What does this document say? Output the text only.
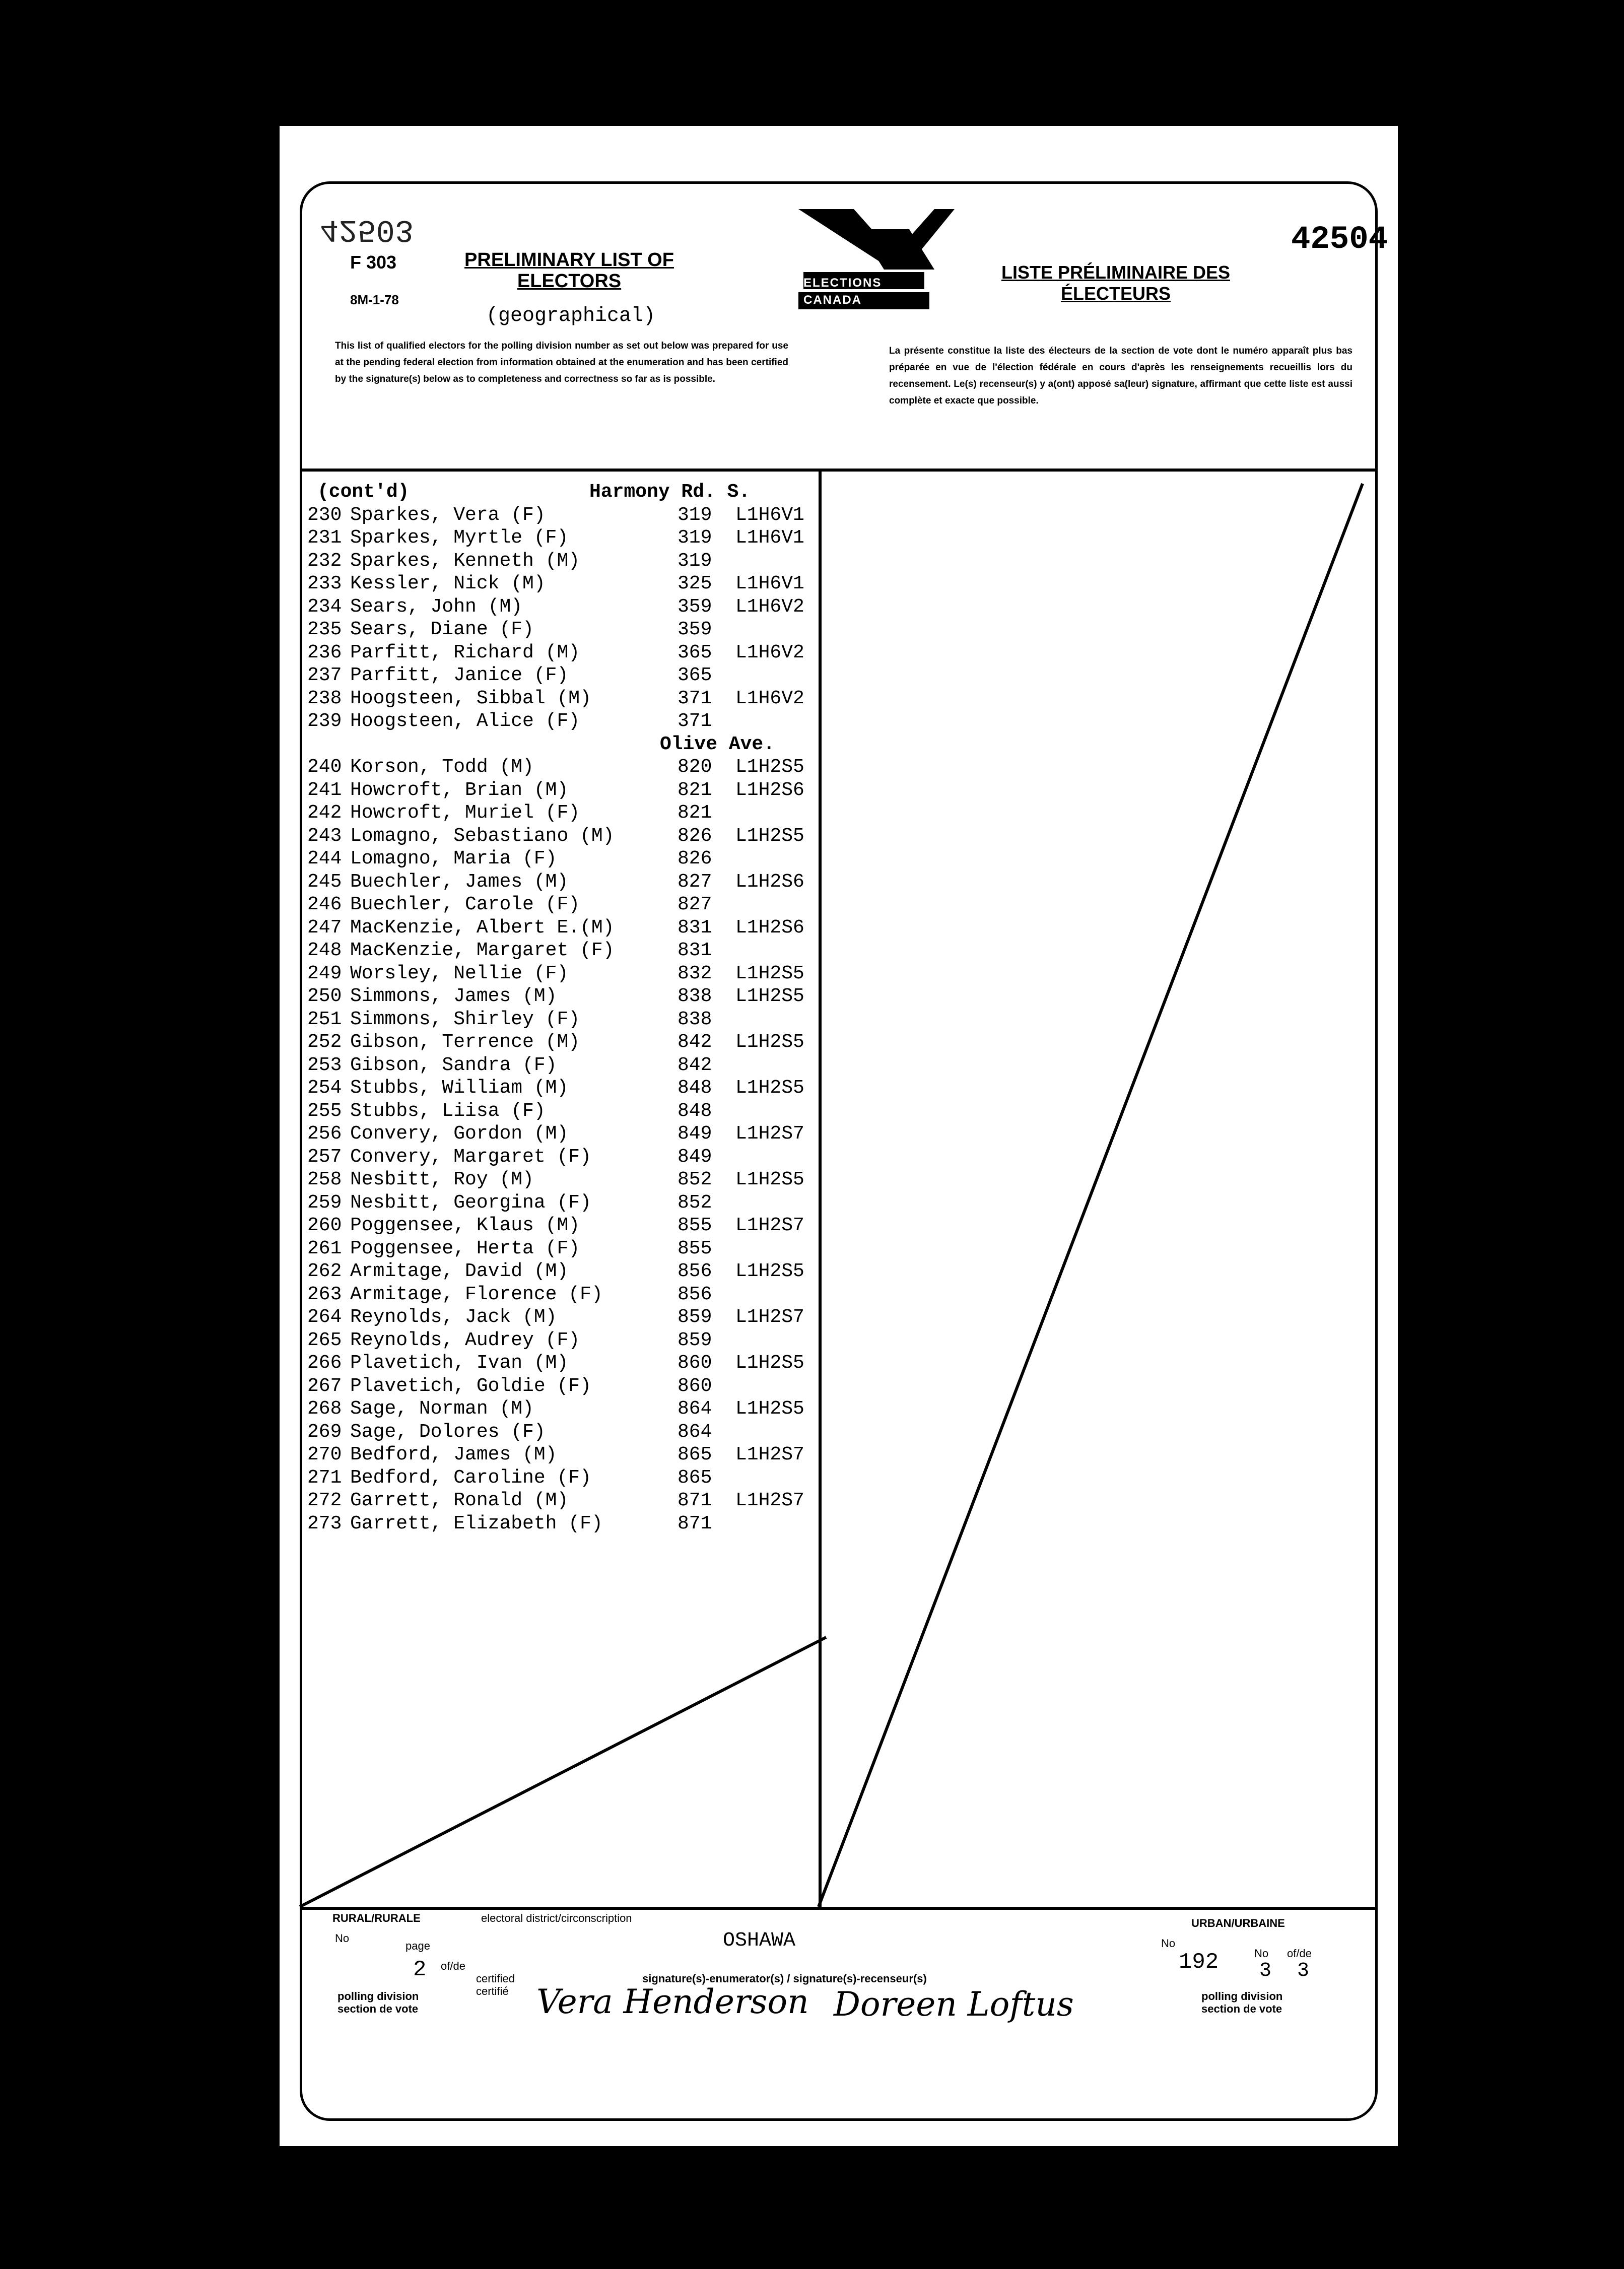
42503	42504
F 303
8M-1-78
PRELIMINARY LIST OF ELECTORS
(geographical)
This list of qualified electors for the polling division number as set out below was prepared for use at the pending federal election from information obtained at the enumeration and has been certified by the signature(s) below as to completeness and correctness so far as is possible.
ELECTIONS CANADA
LISTE PRÉLIMINAIRE DES ÉLECTEURS
La présente constitue la liste des électeurs de la section de vote dont le numéro apparaît plus bas préparée en vue de l'élection fédérale en cours d'après les renseignements recueillis lors du recensement. Le(s) recenseur(s) y a(ont) apposé sa(leur) signature, affirmant que cette liste est aussi complète et exacte que possible.
(cont'd)	Harmony Rd. S.
230 Sparkes, Vera (F)	319 L1H6V1
231 Sparkes, Myrtle (F)	319 L1H6V1
232 Sparkes, Kenneth (M)	319
233 Kessler, Nick (M)	325 L1H6V1
234 Sears, John (M)	359 L1H6V2
235 Sears, Diane (F)	359
236 Parfitt, Richard (M)	365 L1H6V2
237 Parfitt, Janice (F)	365
238 Hoogsteen, Sibbal (M)	371 L1H6V2
239 Hoogsteen, Alice (F)	371
Olive Ave.
240 Korson, Todd (M)	820 L1H2S5
241 Howcroft, Brian (M)	821 L1H2S6
242 Howcroft, Muriel (F)	821
243 Lomagno, Sebastiano (M)	826 L1H2S5
244 Lomagno, Maria (F)	826
245 Buechler, James (M)	827 L1H2S6
246 Buechler, Carole (F)	827
247 MacKenzie, Albert E.(M)	831 L1H2S6
248 MacKenzie, Margaret (F)	831
249 Worsley, Nellie (F)	832 L1H2S5
250 Simmons, James (M)	838 L1H2S5
251 Simmons, Shirley (F)	838
252 Gibson, Terrence (M)	842 L1H2S5
253 Gibson, Sandra (F)	842
254 Stubbs, William (M)	848 L1H2S5
255 Stubbs, Liisa (F)	848
256 Convery, Gordon (M)	849 L1H2S7
257 Convery, Margaret (F)	849
258 Nesbitt, Roy (M)	852 L1H2S5
259 Nesbitt, Georgina (F)	852
260 Poggensee, Klaus (M)	855 L1H2S7
261 Poggensee, Herta (F)	855
262 Armitage, David (M)	856 L1H2S5
263 Armitage, Florence (F)	856
264 Reynolds, Jack (M)	859 L1H2S7
265 Reynolds, Audrey (F)	859
266 Plavetich, Ivan (M)	860 L1H2S5
267 Plavetich, Goldie (F)	860
268 Sage, Norman (M)	864 L1H2S5
269 Sage, Dolores (F)	864
270 Bedford, James (M)	865 L1H2S7
271 Bedford, Caroline (F)	865
272 Garrett, Ronald (M)	871 L1H2S7
273 Garrett, Elizabeth (F)	871
RURAL/RURALE	electoral district/circonscription
OSHAWA
URBAN/URBAINE
No
page
2 of/de
certified
certifié
signature(s)-enumerator(s) / signature(s)-recenseur(s)
polling division
section de vote	Vera Henderson Doreen Loftus
No
192	No
3
of/de
3
polling division
section de vote
